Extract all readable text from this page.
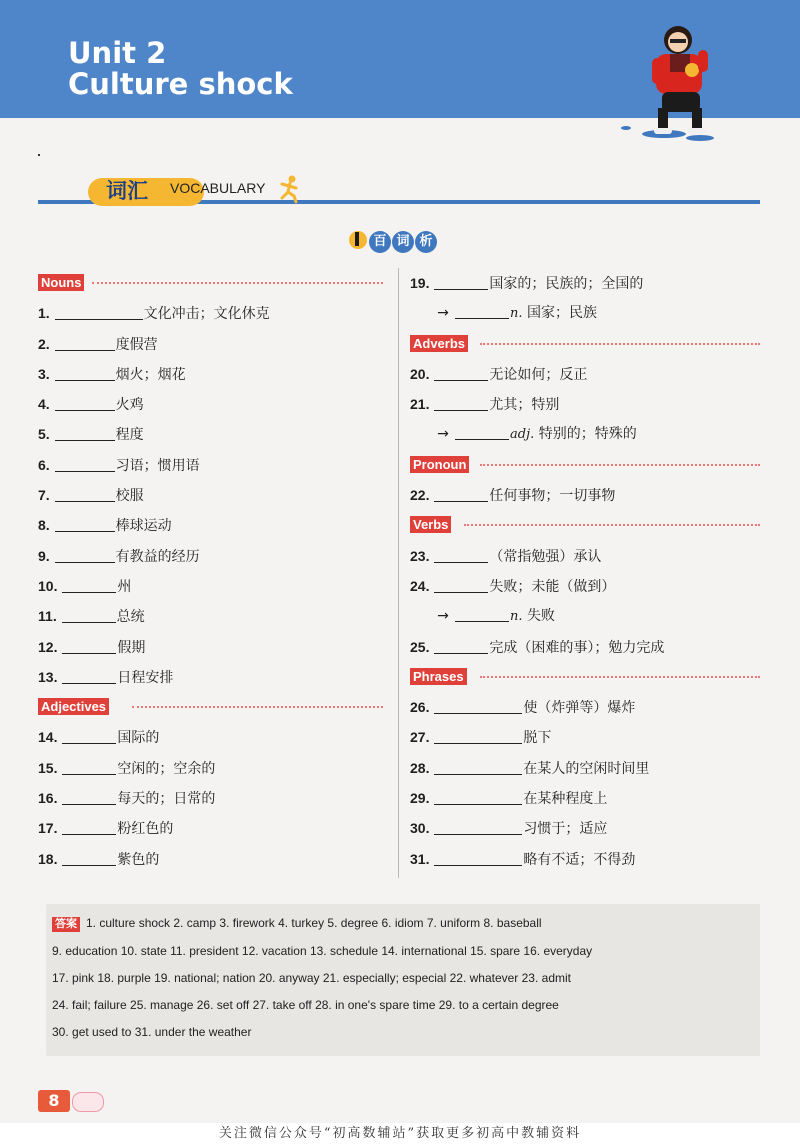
Unit 2
Culture shock
词汇	VOCABULARY
百 词 析
Nouns
1.	文化冲击；文化休克
2.	度假营
3.	烟火；烟花
4.	火鸡
5.	程度
6.	习语；惯用语
7.	校服
8.	棒球运动
9.	有教益的经历
10.	州
11.	总统
12.	假期
13.	日程安排
Adjectives
14.	国际的
15.	空闲的；空余的
16.	每天的；日常的
17.	粉红色的
18.	紫色的
19.	国家的；民族的；全国的
→	n. 国家；民族
Adverbs
20.	无论如何；反正
21.	尤其；特别
→	adj. 特别的；特殊的
Pronoun
22.	任何事物；一切事物
Verbs
23.	（常指勉强）承认
24.	失败；未能（做到）
→	n. 失败
25.	完成（困难的事）；勉力完成
Phrases
26.	使（炸弹等）爆炸
27.	脱下
28.	在某人的空闲时间里
29.	在某种程度上
30.	习惯于；适应
31.	略有不适；不得劲
答案 1. culture shock 2. camp 3. firework 4. turkey 5. degree 6. idiom 7. uniform 8. baseball
9. education 10. state 11. president 12. vacation 13. schedule 14. international 15. spare 16. everyday
17. pink 18. purple 19. national; nation 20. anyway 21. especially; especial 22. whatever 23. admit
24. fail; failure 25. manage 26. set off 27. take off 28. in one's spare time 29. to a certain degree
30. get used to 31. under the weather
8
关注微信公众号“初高数辅站”获取更多初高中教辅资料
